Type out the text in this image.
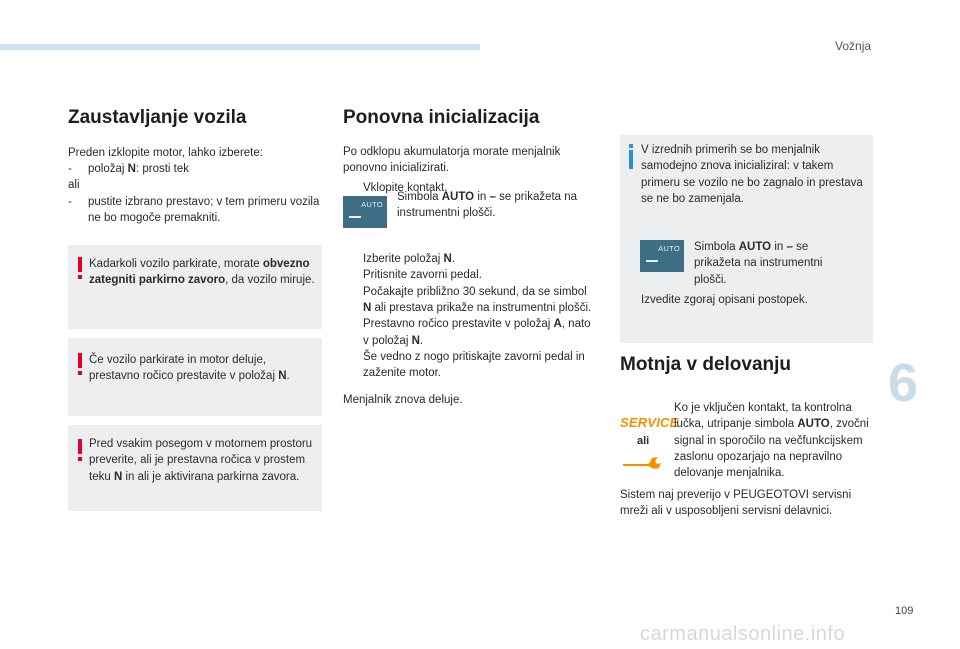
Vožnja
6
109
carmanualsonline.info
Zaustavljanje vozila
Preden izklopite motor, lahko izberete:
-	položaj N: prosti tek
ali
-	pustite izbrano prestavo; v tem primeru vozila ne bo mogoče premakniti.
Kadarkoli vozilo parkirate, morate obvezno zategniti parkirno zavoro, da vozilo miruje.
Če vozilo parkirate in motor deluje, prestavno ročico prestavite v položaj N.
Pred vsakim posegom v motornem prostoru preverite, ali je prestavna ročica v prostem teku N in ali je aktivirana parkirna zavora.
Ponovna inicializacija
Po odklopu akumulatorja morate menjalnik ponovno inicializirati.
Vklopite kontakt.
AUTO
Simbola AUTO in – se prikažeta na instrumentni plošči.
Izberite položaj N.
Pritisnite zavorni pedal.
Počakajte približno 30 sekund, da se simbol N ali prestava prikaže na instrumentni plošči.
Prestavno ročico prestavite v položaj A, nato v položaj N.
Še vedno z nogo pritiskajte zavorni pedal in zaženite motor.
Menjalnik znova deluje.
V izrednih primerih se bo menjalnik samodejno znova inicializiral: v takem primeru se vozilo ne bo zagnalo in prestava se ne bo zamenjala.
AUTO Simbola AUTO in – se prikažeta na instrumentni plošči.
Izvedite zgoraj opisani postopek.
Motnja v delovanju
SERVICE
ali
Ko je vključen kontakt, ta kontrolna lučka, utripanje simbola AUTO, zvočni signal in sporočilo na večfunkcijskem zaslonu opozarjajo na nepravilno delovanje menjalnika.
Sistem naj preverijo v PEUGEOTOVI servisni mreži ali v usposobljeni servisni delavnici.
